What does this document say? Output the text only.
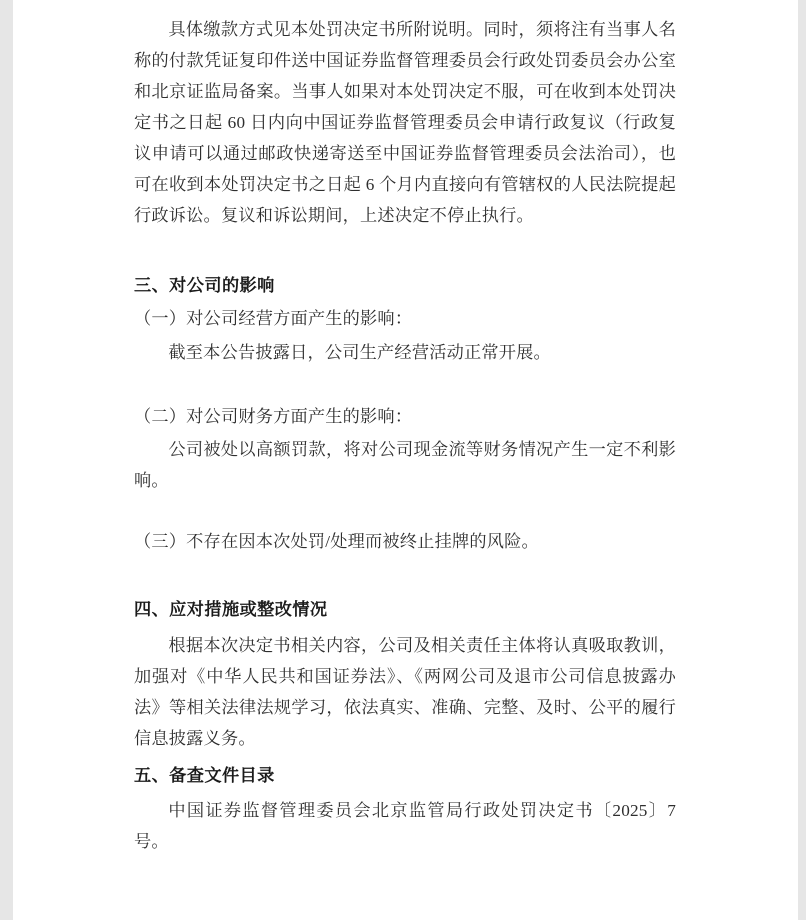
具体缴款方式见本处罚决定书所附说明。同时，须将注有当事人名称的付款凭证复印件送中国证券监督管理委员会行政处罚委员会办公室和北京证监局备案。当事人如果对本处罚决定不服，可在收到本处罚决定书之日起 60 日内向中国证券监督管理委员会申请行政复议（行政复议申请可以通过邮政快递寄送至中国证券监督管理委员会法治司），也可在收到本处罚决定书之日起 6 个月内直接向有管辖权的人民法院提起行政诉讼。复议和诉讼期间，上述决定不停止执行。

三、对公司的影响

（一）对公司经营方面产生的影响：

截至本公告披露日，公司生产经营活动正常开展。

（二）对公司财务方面产生的影响：

公司被处以高额罚款，将对公司现金流等财务情况产生一定不利影响。

（三）不存在因本次处罚/处理而被终止挂牌的风险。

四、应对措施或整改情况

根据本次决定书相关内容，公司及相关责任主体将认真吸取教训，加强对《中华人民共和国证券法》、《两网公司及退市公司信息披露办法》等相关法律法规学习，依法真实、准确、完整、及时、公平的履行信息披露义务。

五、备查文件目录

中国证券监督管理委员会北京监管局行政处罚决定书〔2025〕7 号。
